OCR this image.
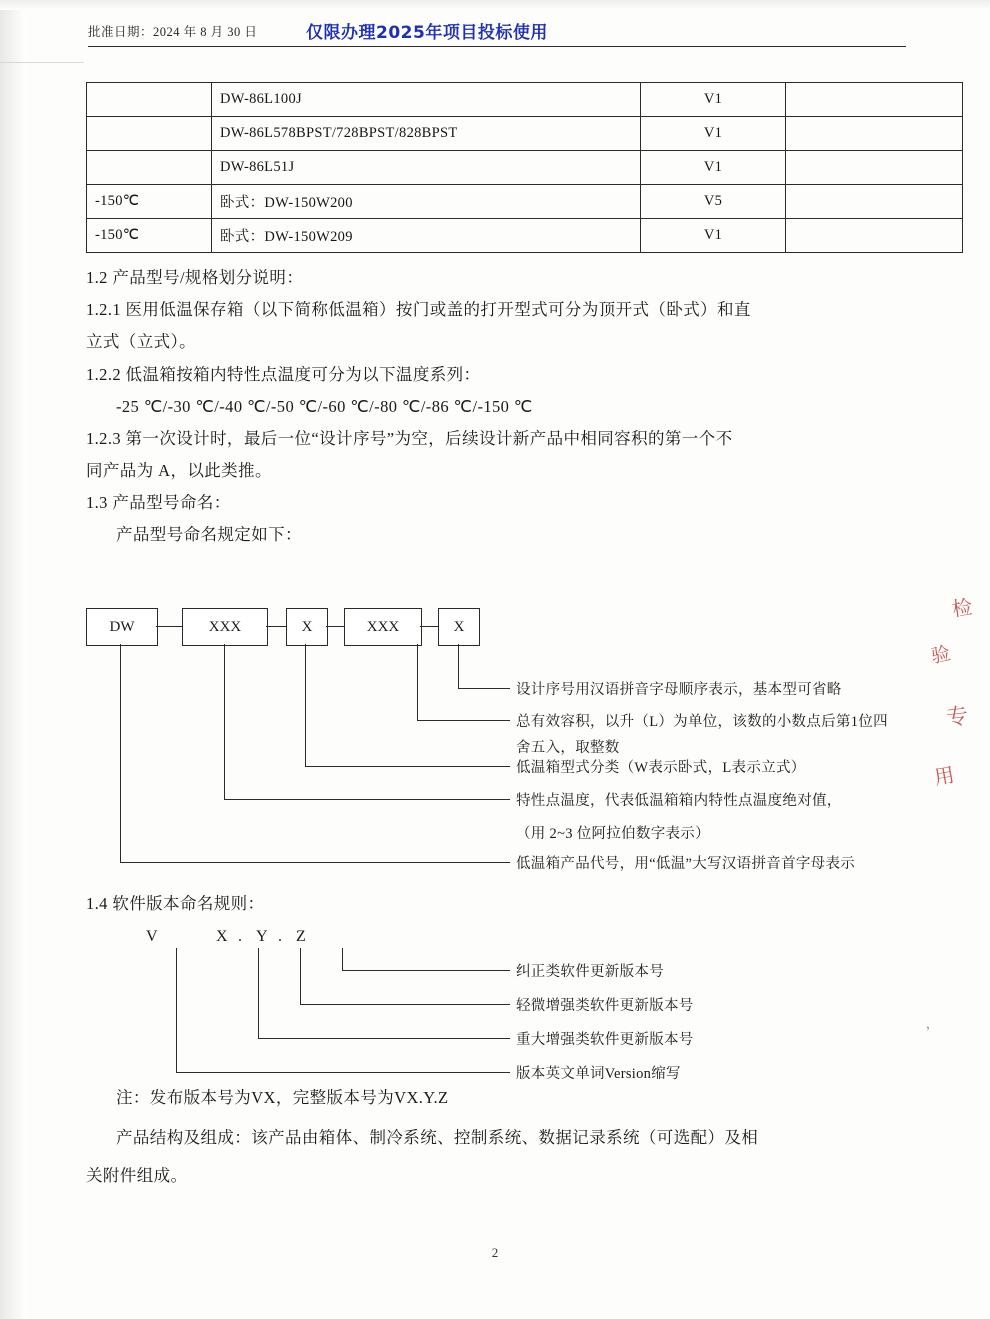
批准日期：2024 年 8 月 30 日	仅限办理2025年项目投标使用
	DW-86L100J	V1	
	DW-86L578BPST/728BPST/828BPST	V1	
	DW-86L51J	V1	
-150℃	卧式：DW-150W200	V5	
-150℃	卧式：DW-150W209	V1	

1.2 产品型号/规格划分说明：

1.2.1 医用低温保存箱（以下简称低温箱）按门或盖的打开型式可分为顶开式（卧式）和直

立式（立式）。

1.2.2 低温箱按箱内特性点温度可分为以下温度系列：

-25 ℃/-30 ℃/-40 ℃/-50 ℃/-60 ℃/-80 ℃/-86 ℃/-150 ℃

1.2.3 第一次设计时，最后一位“设计序号”为空，后续设计新产品中相同容积的第一个不

同产品为 A，以此类推。

1.3 产品型号命名：

产品型号命名规定如下：

DW	XXX	X	XXX	X
设计序号用汉语拼音字母顺序表示，基本型可省略
总有效容积，以升（L）为单位，该数的小数点后第1位四
舍五入，取整数
低温箱型式分类（W表示卧式，L表示立式）
特性点温度，代表低温箱箱内特性点温度绝对值，
（用 2~3 位阿拉伯数字表示）
低温箱产品代号，用“低温”大写汉语拼音首字母表示

1.4 软件版本命名规则：

V	X . Y . Z
纠正类软件更新版本号
轻微增强类软件更新版本号
重大增强类软件更新版本号
版本英文单词Version缩写

注：发布版本号为VX，完整版本号为VX.Y.Z

产品结构及组成：该产品由箱体、制冷系统、控制系统、数据记录系统（可选配）及相

关附件组成。

检
验
专
用
，
2
